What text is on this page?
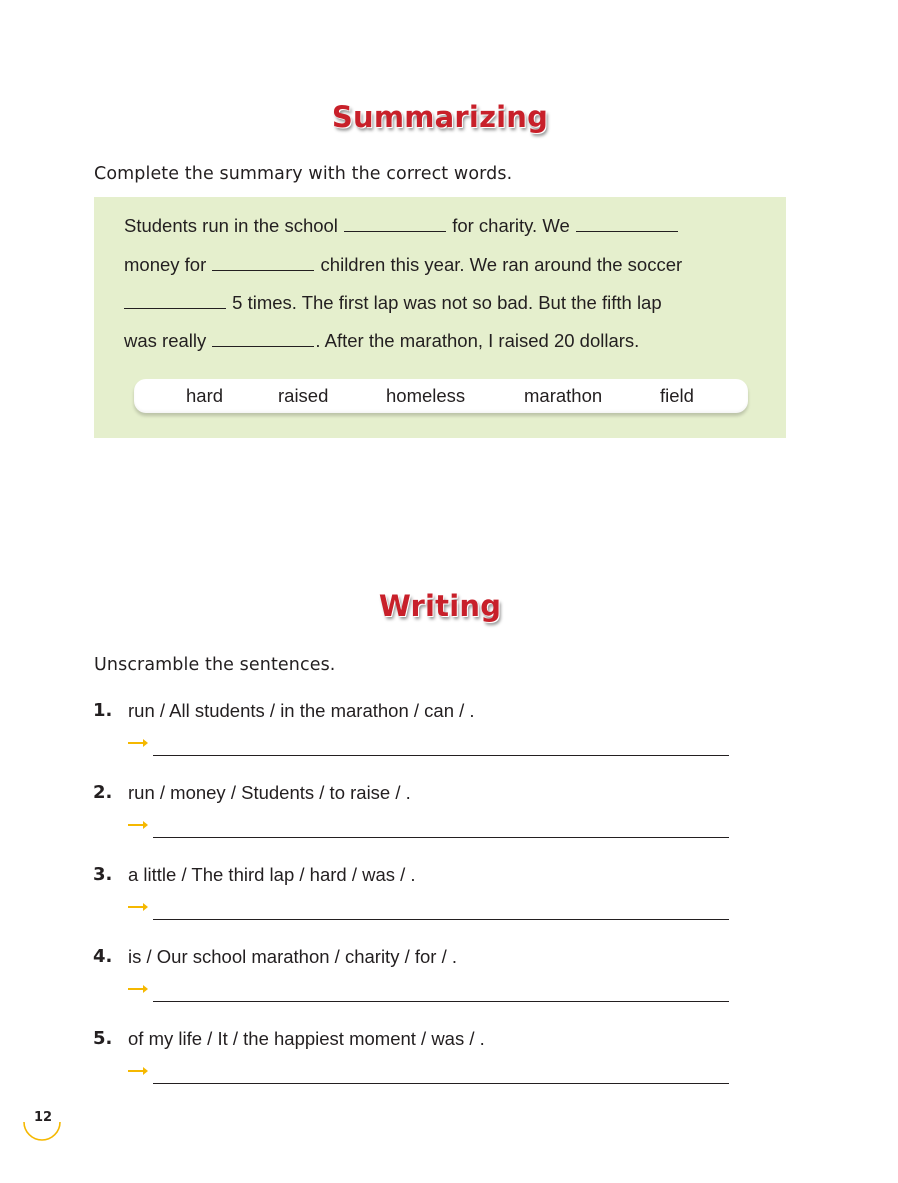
Summarizing
Complete the summary with the correct words.
Students run in the school	for charity. We
money for	children this year. We ran around the soccer
5 times. The first lap was not so bad. But the fifth lap
was really	. After the marathon, I raised 20 dollars.
hard	raised	homeless	marathon	field
Writing
Unscramble the sentences.
1. run / All students / in the marathon / can / .
2. run / money / Students / to raise / .
3. a little / The third lap / hard / was / .
4. is / Our school marathon / charity / for / .
5. of my life / It / the happiest moment / was / .
12
